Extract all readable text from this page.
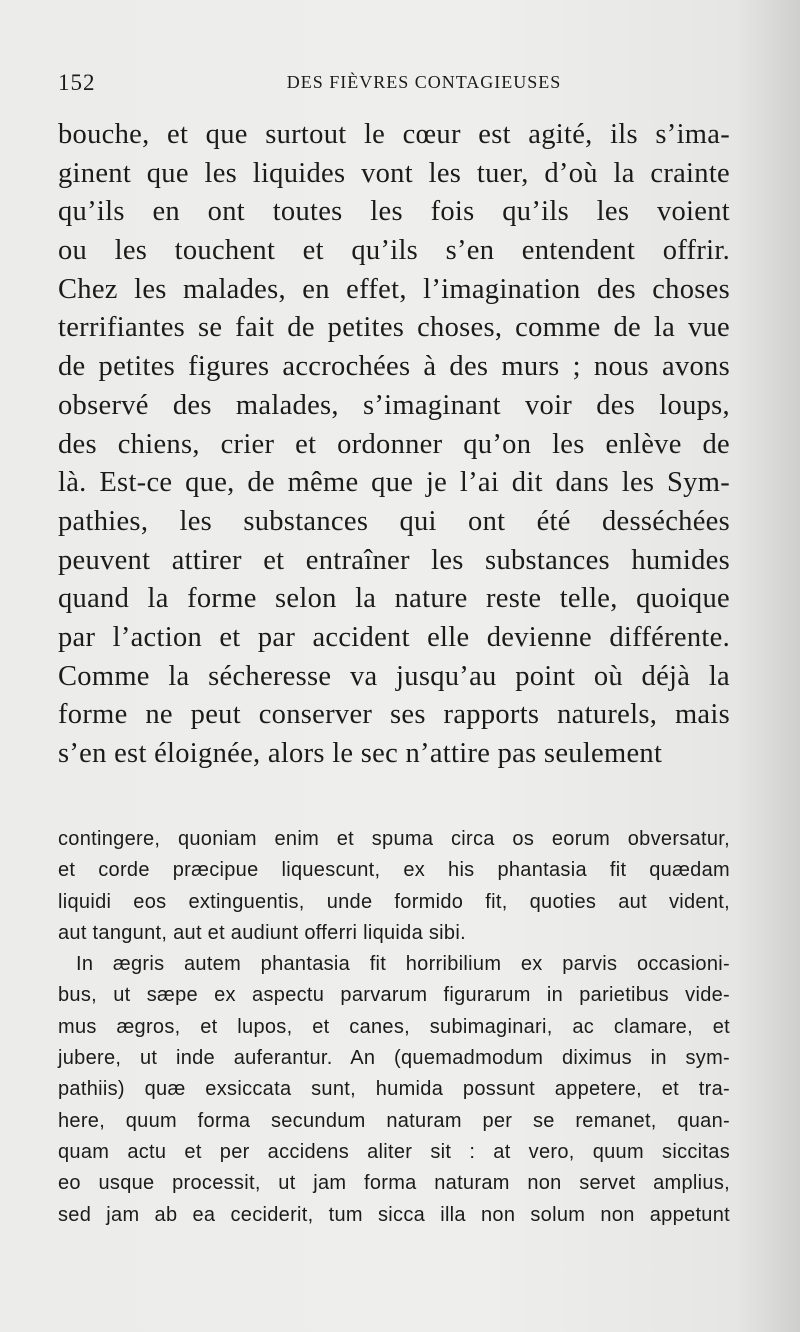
152	DES FIÈVRES CONTAGIEUSES
bouche, et que surtout le cœur est agité, ils s’ima-
ginent que les liquides vont les tuer, d’où la crainte
qu’ils en ont toutes les fois qu’ils les voient
ou les touchent et qu’ils s’en entendent offrir.
Chez les malades, en effet, l’imagination des choses
terrifiantes se fait de petites choses, comme de la vue
de petites figures accrochées à des murs ; nous avons
observé des malades, s’imaginant voir des loups,
des chiens, crier et ordonner qu’on les enlève de
là. Est-ce que, de même que je l’ai dit dans les Sym-
pathies, les substances qui ont été desséchées
peuvent attirer et entraîner les substances humides
quand la forme selon la nature reste telle, quoique
par l’action et par accident elle devienne différente.
Comme la sécheresse va jusqu’au point où déjà la
forme ne peut conserver ses rapports naturels, mais
s’en est éloignée, alors le sec n’attire pas seulement
contingere, quoniam enim et spuma circa os eorum obversatur,
et corde præcipue liquescunt, ex his phantasia fit quædam
liquidi eos extinguentis, unde formido fit, quoties aut vident,
aut tangunt, aut et audiunt offerri liquida sibi.
In ægris autem phantasia fit horribilium ex parvis occasioni-
bus, ut sæpe ex aspectu parvarum figurarum in parietibus vide-
mus ægros, et lupos, et canes, subimaginari, ac clamare, et
jubere, ut inde auferantur. An (quemadmodum diximus in sym-
pathiis) quæ exsiccata sunt, humida possunt appetere, et tra-
here, quum forma secundum naturam per se remanet, quan-
quam actu et per accidens aliter sit : at vero, quum siccitas
eo usque processit, ut jam forma naturam non servet amplius,
sed jam ab ea ceciderit, tum sicca illa non solum non appetunt
